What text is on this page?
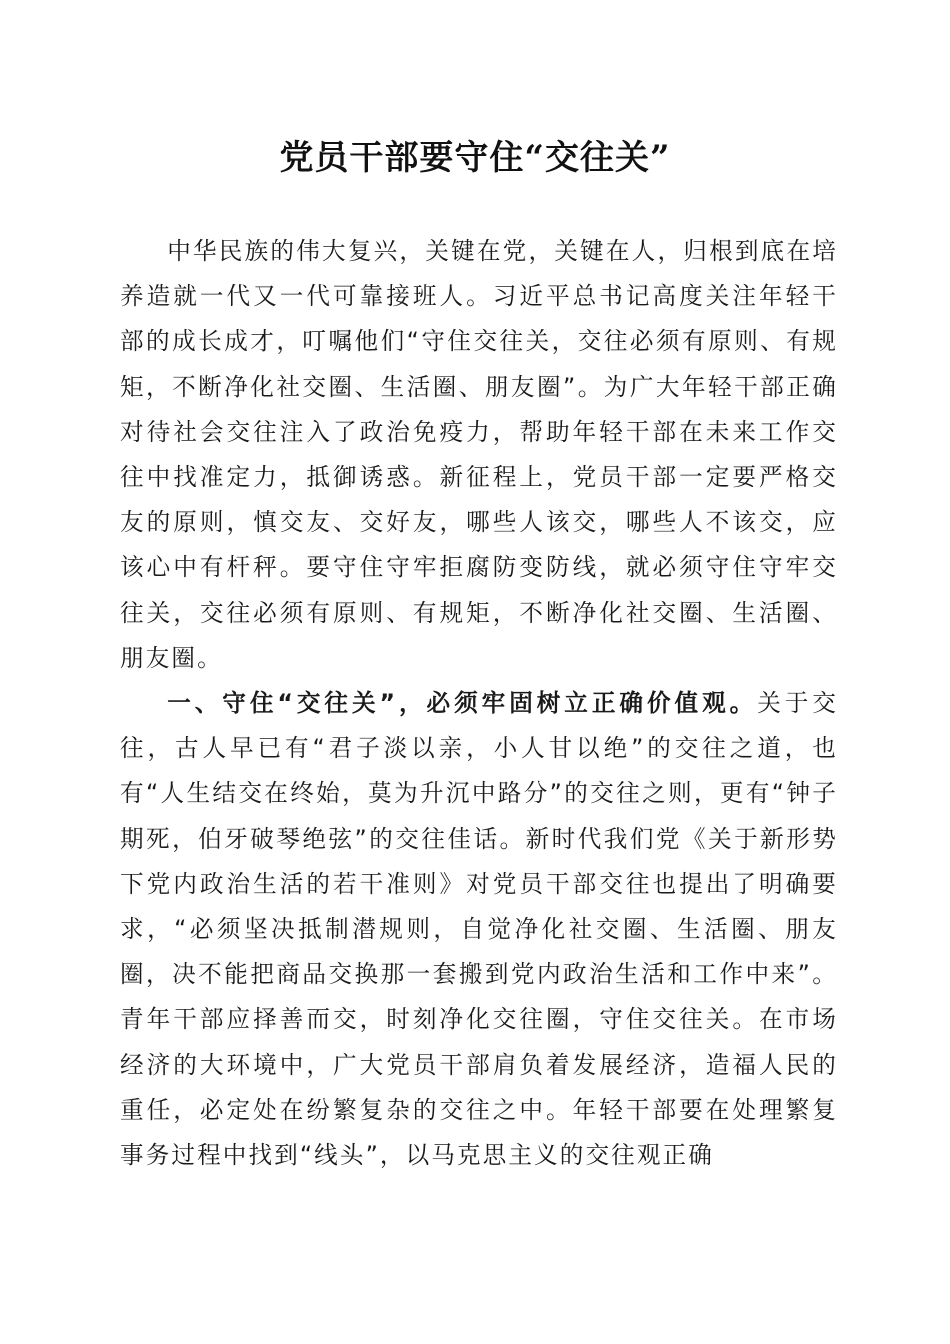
党员干部要守住“交往关”

中华民族的伟大复兴，关键在党，关键在人，归根到底在培养造就一代又一代可靠接班人。习近平总书记高度关注年轻干部的成长成才，叮嘱他们“守住交往关，交往必须有原则、有规矩，不断净化社交圈、生活圈、朋友圈”。为广大年轻干部正确对待社会交往注入了政治免疫力，帮助年轻干部在未来工作交往中找准定力，抵御诱惑。新征程上，党员干部一定要严格交友的原则，慎交友、交好友，哪些人该交，哪些人不该交，应该心中有杆秤。要守住守牢拒腐防变防线，就必须守住守牢交往关，交往必须有原则、有规矩，不断净化社交圈、生活圈、朋友圈。

一、守住“交往关”，必须牢固树立正确价值观。关于交往，古人早已有“君子淡以亲，小人甘以绝”的交往之道，也有“人生结交在终始，莫为升沉中路分”的交往之则，更有“钟子期死，伯牙破琴绝弦”的交往佳话。新时代我们党《关于新形势下党内政治生活的若干准则》对党员干部交往也提出了明确要求，“必须坚决抵制潜规则，自觉净化社交圈、生活圈、朋友圈，决不能把商品交换那一套搬到党内政治生活和工作中来”。青年干部应择善而交，时刻净化交往圈，守住交往关。在市场经济的大环境中，广大党员干部肩负着发展经济，造福人民的重任，必定处在纷繁复杂的交往之中。年轻干部要在处理繁复事务过程中找到“线头”，以马克思主义的交往观正确
